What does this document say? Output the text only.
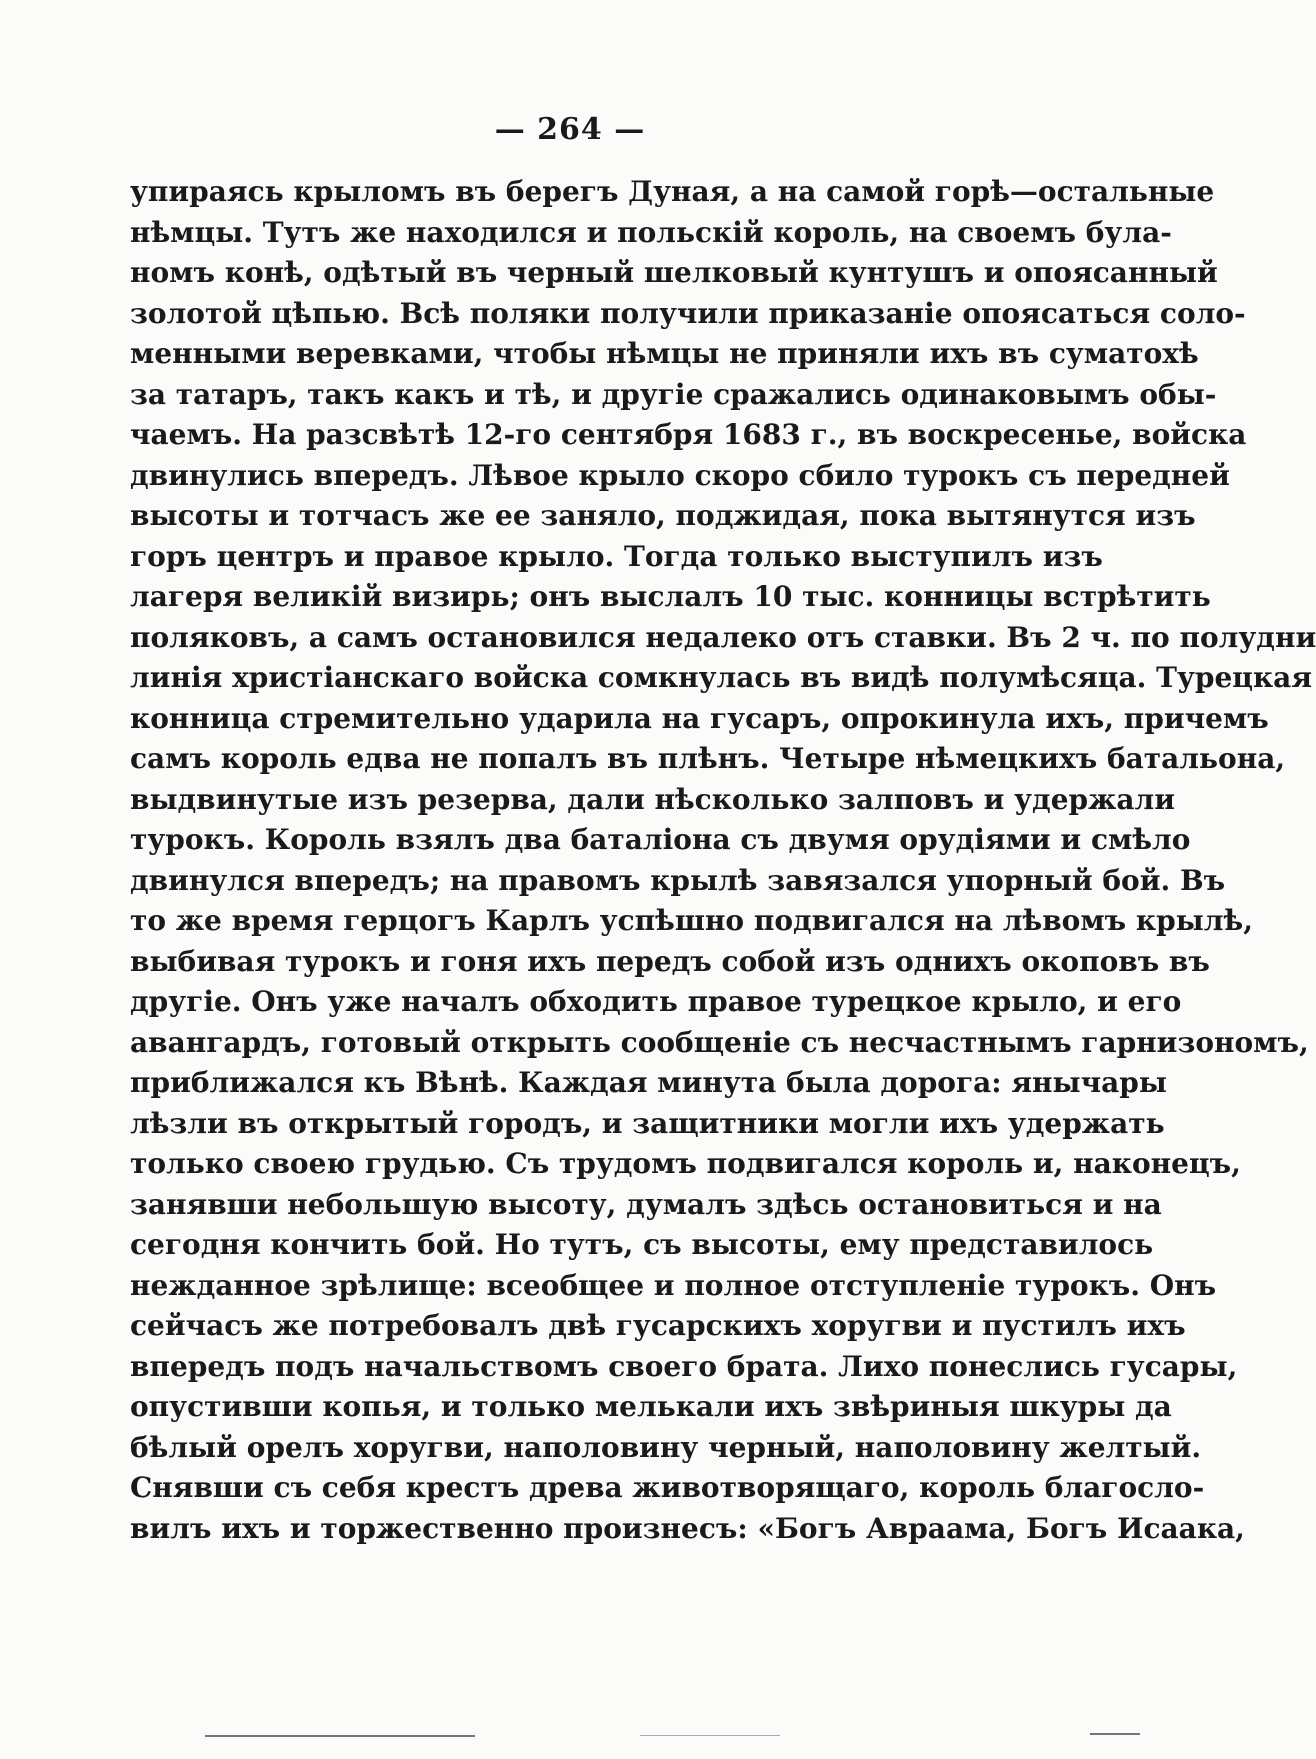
— 264 —
упираясь крыломъ въ берегъ Дуная, а на самой горѣ—остальные
нѣмцы. Тутъ же находился и польскій король, на своемъ була-
номъ конѣ, одѣтый въ черный шелковый кунтушъ и опоясанный
золотой цѣпью. Всѣ поляки получили приказаніе опоясаться соло-
менными веревками, чтобы нѣмцы не приняли ихъ въ суматохѣ
за татаръ, такъ какъ и тѣ, и другіе сражались одинаковымъ обы-
чаемъ. На разсвѣтѣ 12-го сентября 1683 г., въ воскресенье, войска
двинулись впередъ. Лѣвое крыло скоро сбило турокъ съ передней
высоты и тотчасъ же ее заняло, поджидая, пока вытянутся изъ
горъ центръ и правое крыло. Тогда только выступилъ изъ
лагеря великій визирь; онъ выслалъ 10 тыс. конницы встрѣтить
поляковъ, а самъ остановился недалеко отъ ставки. Въ 2 ч. по полудни
линія христіанскаго войска сомкнулась въ видѣ полумѣсяца. Турецкая
конница стремительно ударила на гусаръ, опрокинула ихъ, причемъ
самъ король едва не попалъ въ плѣнъ. Четыре нѣмецкихъ батальона,
выдвинутые изъ резерва, дали нѣсколько залповъ и удержали
турокъ. Король взялъ два баталіона съ двумя орудіями и смѣло
двинулся впередъ; на правомъ крылѣ завязался упорный бой. Въ
то же время герцогъ Карлъ успѣшно подвигался на лѣвомъ крылѣ,
выбивая турокъ и гоня ихъ передъ собой изъ однихъ окоповъ въ
другіе. Онъ уже началъ обходить правое турецкое крыло, и его
авангардъ, готовый открыть сообщеніе съ несчастнымъ гарнизономъ,
приближался къ Вѣнѣ. Каждая минута была дорога: янычары
лѣзли въ открытый городъ, и защитники могли ихъ удержать
только своею грудью. Съ трудомъ подвигался король и, наконецъ,
занявши небольшую высоту, думалъ здѣсь остановиться и на
сегодня кончить бой. Но тутъ, съ высоты, ему представилось
нежданное зрѣлище: всеобщее и полное отступленіе турокъ. Онъ
сейчасъ же потребовалъ двѣ гусарскихъ хоругви и пустилъ ихъ
впередъ подъ начальствомъ своего брата. Лихо понеслись гусары,
опустивши копья, и только мелькали ихъ звѣриныя шкуры да
бѣлый орелъ хоругви, наполовину черный, наполовину желтый.
Снявши съ себя крестъ древа животворящаго, король благосло-
вилъ ихъ и торжественно произнесъ: «Богъ Авраама, Богъ Исаака,
